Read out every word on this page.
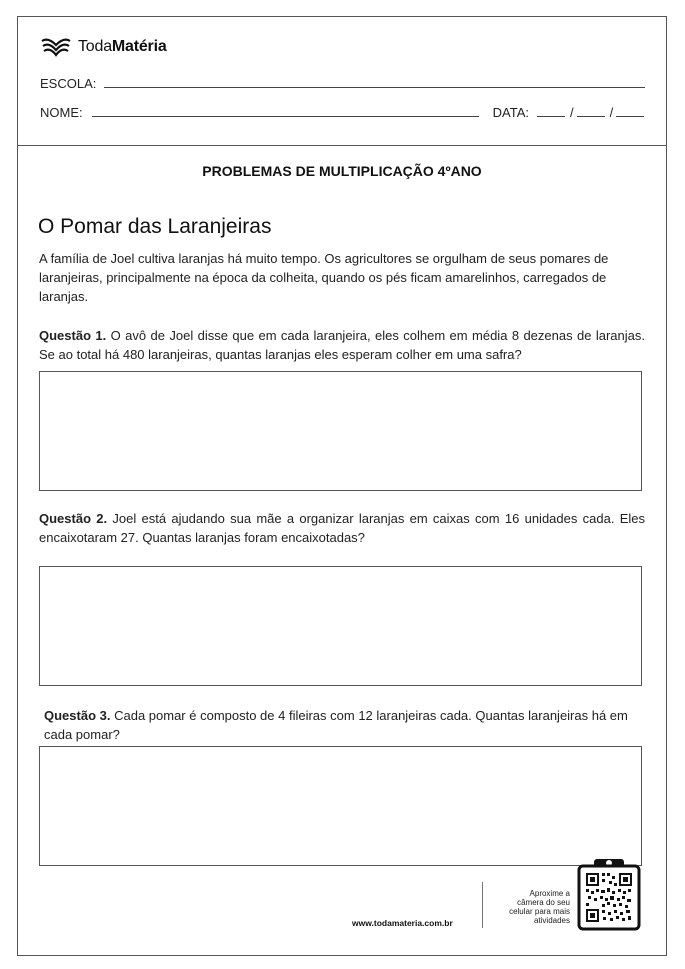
TodaMatéria
ESCOLA:
NOME:	DATA:	/	/
PROBLEMAS DE MULTIPLICAÇÃO 4ºANO
O Pomar das Laranjeiras
A família de Joel cultiva laranjas há muito tempo. Os agricultores se orgulham de seus pomares de laranjeiras, principalmente na época da colheita, quando os pés ficam amarelinhos, carregados de laranjas.
Questão 1. O avô de Joel disse que em cada laranjeira, eles colhem em média 8 dezenas de laranjas. Se ao total há 480 laranjeiras, quantas laranjas eles esperam colher em uma safra?
Questão 2. Joel está ajudando sua mãe a organizar laranjas em caixas com 16 unidades cada. Eles encaixotaram 27. Quantas laranjas foram encaixotadas?
Questão 3. Cada pomar é composto de 4 fileiras com 12 laranjeiras cada. Quantas laranjeiras há em cada pomar?
www.todamateria.com.br
Aproxime a
câmera do seu
celular para mais
atividades
